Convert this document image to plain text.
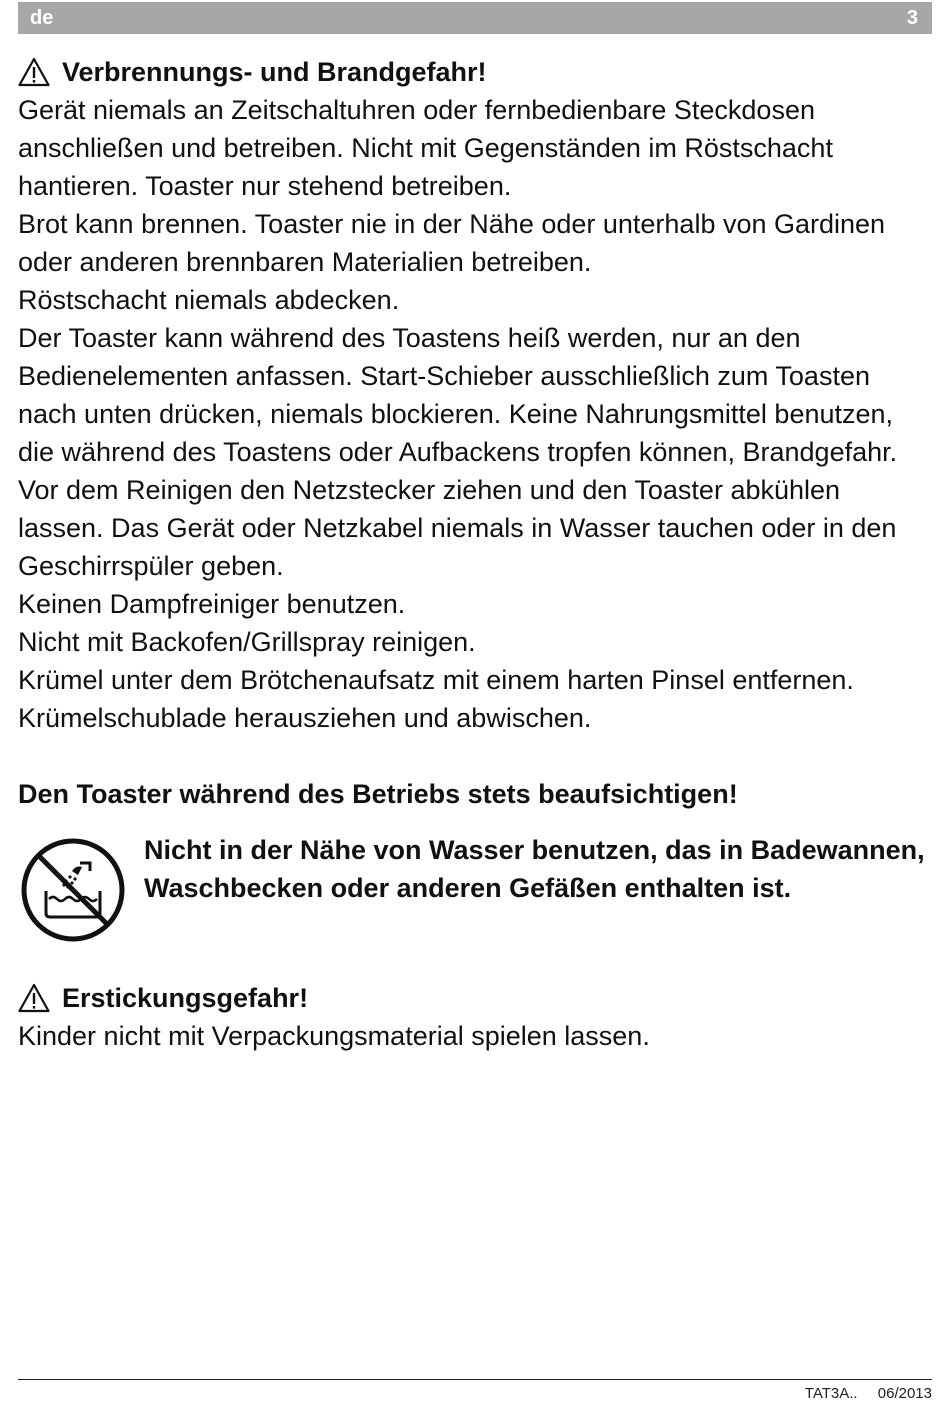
de	3
Verbrennungs- und Brandgefahr!

Gerät niemals an Zeitschaltuhren oder fernbedienbare Steckdosen anschließen und betreiben. Nicht mit Gegenständen im Röstschacht hantieren. Toaster nur stehend betreiben.

Brot kann brennen. Toaster nie in der Nähe oder unterhalb von Gardinen oder anderen brennbaren Materialien betreiben.

Röstschacht niemals abdecken.

Der Toaster kann während des Toastens heiß werden, nur an den Bedienelementen anfassen. Start-Schieber ausschließlich zum Toasten nach unten drücken, niemals blockieren. Keine Nahrungsmittel benutzen, die während des Toastens oder Aufbackens tropfen können, Brandgefahr.

Vor dem Reinigen den Netzstecker ziehen und den Toaster abkühlen lassen. Das Gerät oder Netzkabel niemals in Wasser tauchen oder in den Geschirrspüler geben.

Keinen Dampfreiniger benutzen.

Nicht mit Backofen/Grillspray reinigen.

Krümel unter dem Brötchenaufsatz mit einem harten Pinsel entfernen. Krümelschublade herausziehen und abwischen.

Den Toaster während des Betriebs stets beaufsichtigen!

Nicht in der Nähe von Wasser benutzen, das in Badewannen, Waschbecken oder anderen Gefäßen enthalten ist.

Erstickungsgefahr!

Kinder nicht mit Verpackungsmaterial spielen lassen.

TAT3A.. 06/2013
